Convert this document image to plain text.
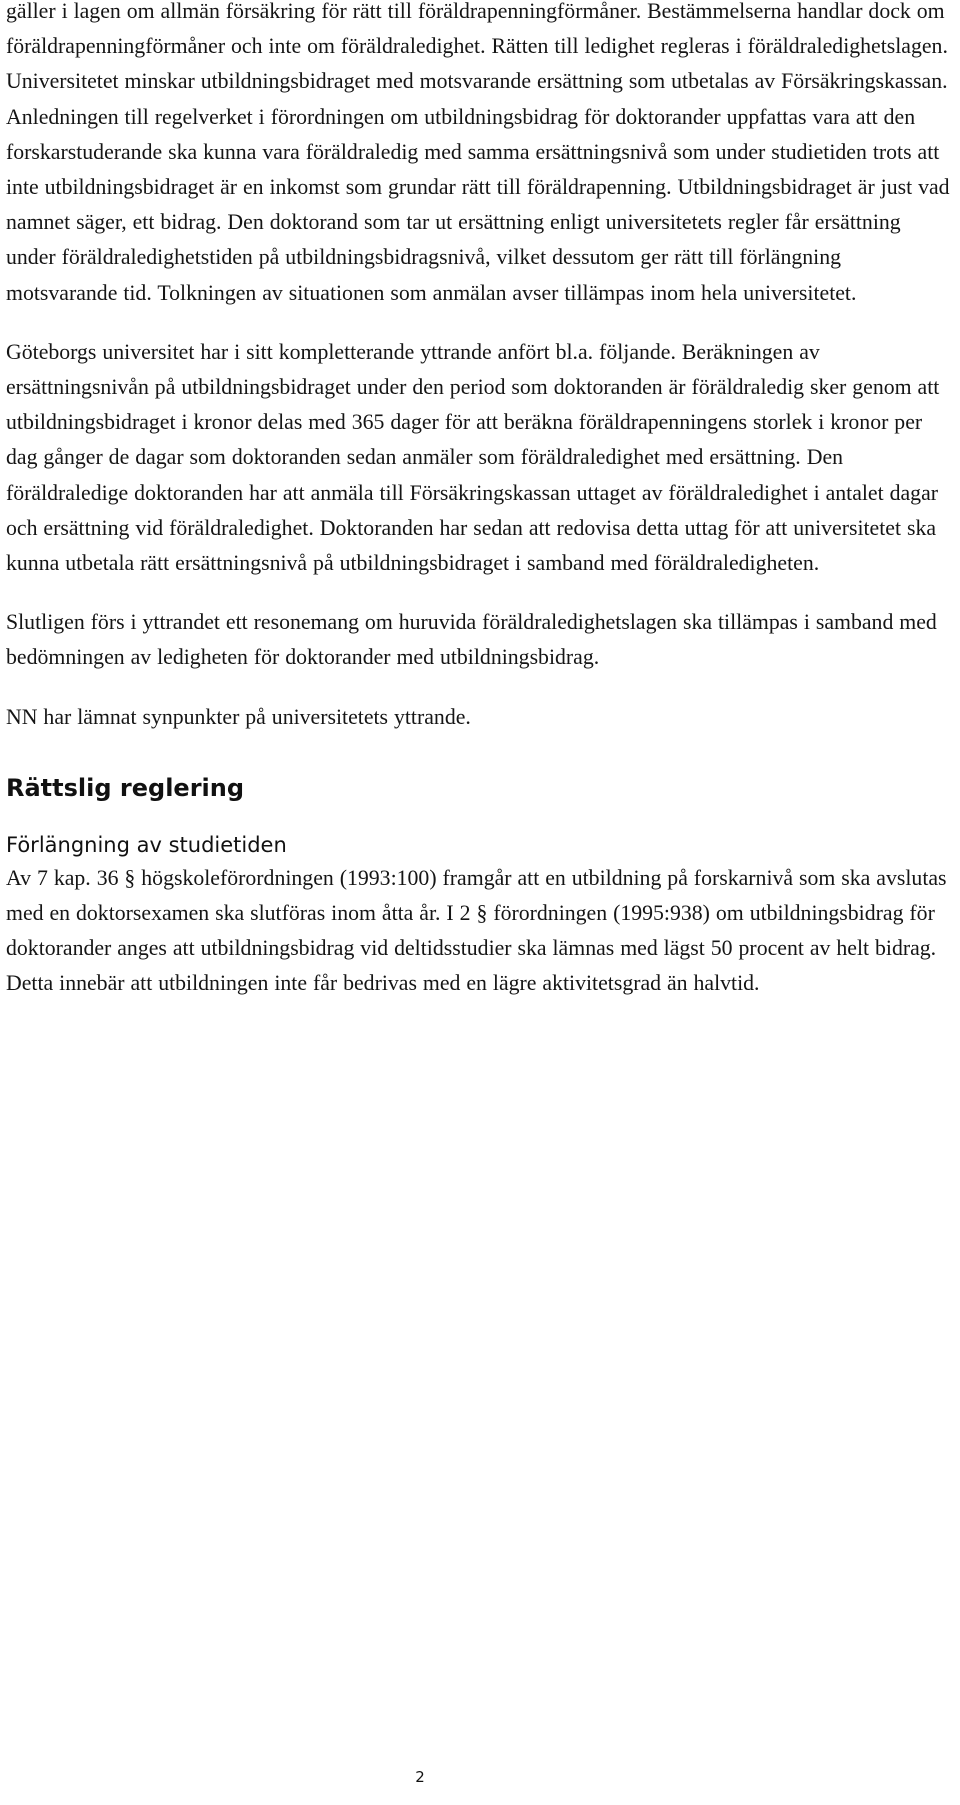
gäller i lagen om allmän försäkring för rätt till föräldrapenningförmåner. Bestämmelserna handlar dock om föräldrapenningförmåner och inte om föräldraledighet. Rätten till ledighet regleras i föräldraledighetslagen. Universitetet minskar utbildningsbidraget med motsvarande ersättning som utbetalas av Försäkringskassan. Anledningen till regelverket i förordningen om utbildningsbidrag för doktorander uppfattas vara att den forskarstuderande ska kunna vara föräldraledig med samma ersättningsnivå som under studietiden trots att inte utbildningsbidraget är en inkomst som grundar rätt till föräldrapenning. Utbildningsbidraget är just vad namnet säger, ett bidrag. Den doktorand som tar ut ersättning enligt universitetets regler får ersättning under föräldraledighetstiden på utbildningsbidragsnivå, vilket dessutom ger rätt till förlängning motsvarande tid. Tolkningen av situationen som anmälan avser tillämpas inom hela universitetet.

Göteborgs universitet har i sitt kompletterande yttrande anfört bl.a. följande. Beräkningen av ersättningsnivån på utbildningsbidraget under den period som doktoranden är föräldraledig sker genom att utbildningsbidraget i kronor delas med 365 dager för att beräkna föräldrapenningens storlek i kronor per dag gånger de dagar som doktoranden sedan anmäler som föräldraledighet med ersättning. Den föräldraledige doktoranden har att anmäla till Försäkringskassan uttaget av föräldraledighet i antalet dagar och ersättning vid föräldraledighet. Doktoranden har sedan att redovisa detta uttag för att universitetet ska kunna utbetala rätt ersättningsnivå på utbildningsbidraget i samband med föräldraledigheten.

Slutligen förs i yttrandet ett resonemang om huruvida föräldraledighetslagen ska tillämpas i samband med bedömningen av ledigheten för doktorander med utbildningsbidrag.

NN har lämnat synpunkter på universitetets yttrande.

Rättslig reglering
Förlängning av studietiden

Av 7 kap. 36 § högskoleförordningen (1993:100) framgår att en utbildning på forskarnivå som ska avslutas med en doktorsexamen ska slutföras inom åtta år. I 2 § förordningen (1995:938) om utbildningsbidrag för doktorander anges att utbildningsbidrag vid deltidsstudier ska lämnas med lägst 50 procent av helt bidrag. Detta innebär att utbildningen inte får bedrivas med en lägre aktivitetsgrad än halvtid.

2
